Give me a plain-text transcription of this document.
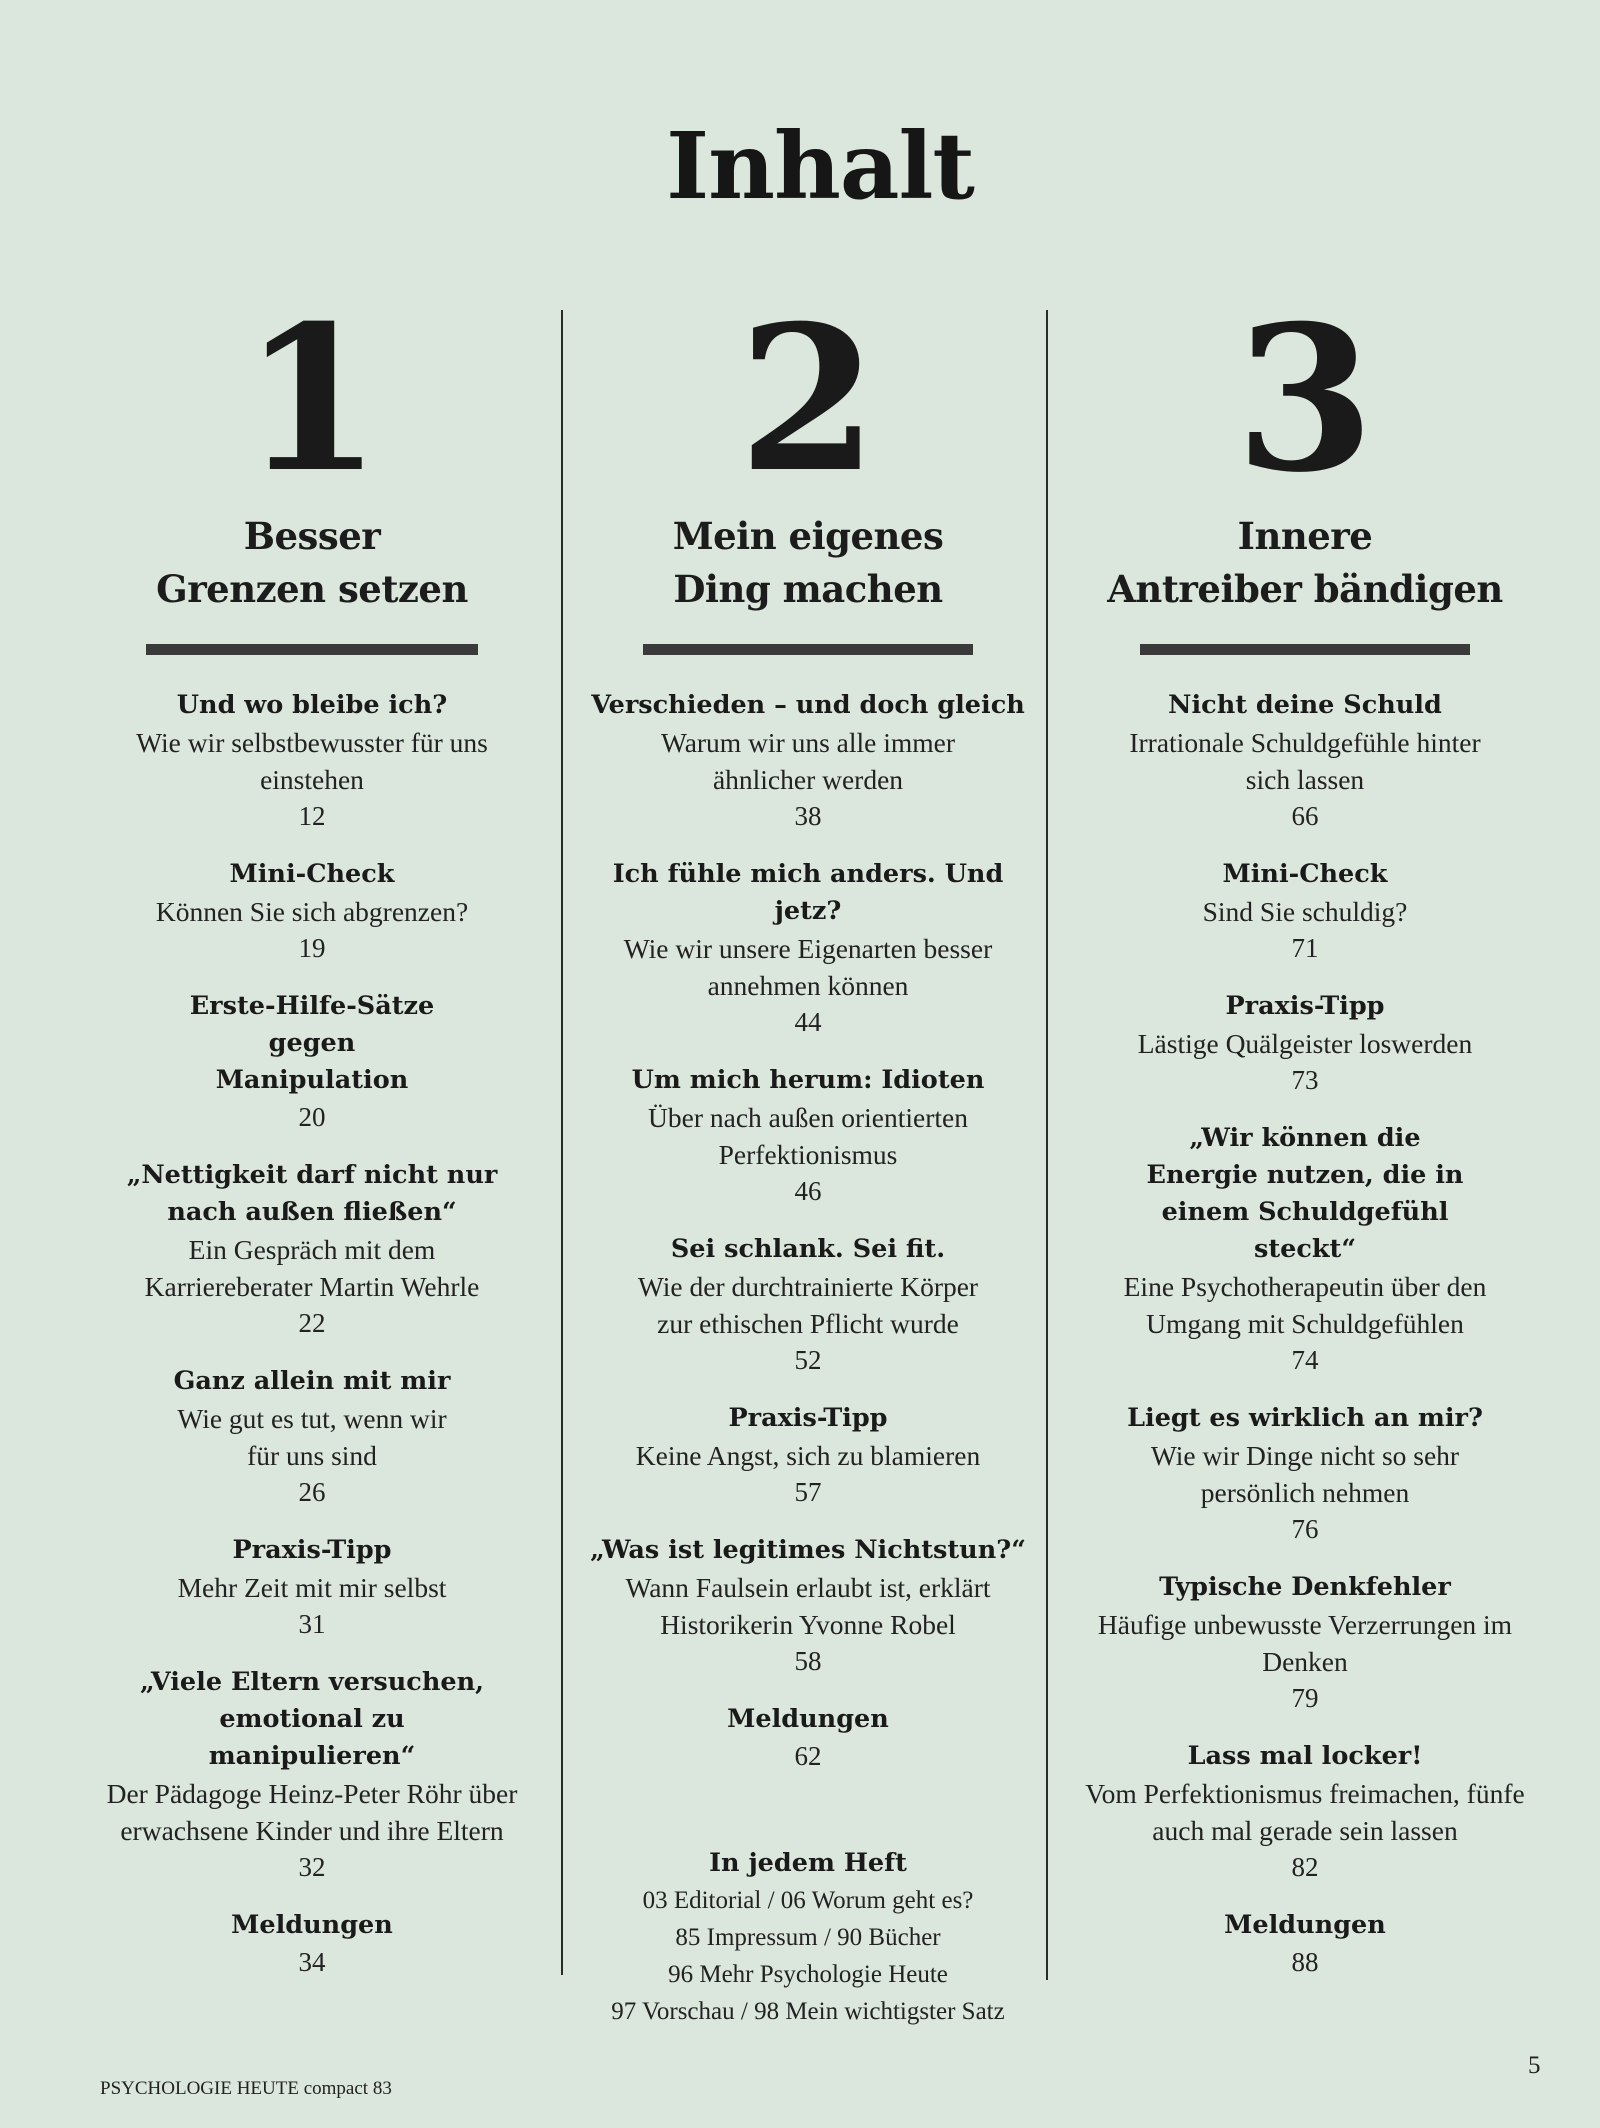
Inhalt
1
Besser
Grenzen setzen
Und wo bleibe ich?
Wie wir selbstbewusster für uns einstehen
12
Mini-Check
Können Sie sich abgrenzen?
19
Erste-Hilfe-Sätze gegen Manipulation
20
„Nettigkeit darf nicht nur nach außen fließen“
Ein Gespräch mit dem Karriereberater Martin Wehrle
22
Ganz allein mit mir
Wie gut es tut, wenn wir für uns sind
26
Praxis-Tipp
Mehr Zeit mit mir selbst
31
„Viele Eltern versuchen, emotional zu manipulieren“
Der Pädagoge Heinz-Peter Röhr über erwachsene Kinder und ihre Eltern
32
Meldungen
34
2
Mein eigenes
Ding machen
Verschieden – und doch gleich
Warum wir uns alle immer ähnlicher werden
38
Ich fühle mich anders. Und jetz?
Wie wir unsere Eigenarten besser annehmen können
44
Um mich herum: Idioten
Über nach außen orientierten Perfektionismus
46
Sei schlank. Sei fit.
Wie der durchtrainierte Körper zur ethischen Pflicht wurde
52
Praxis-Tipp
Keine Angst, sich zu blamieren
57
„Was ist legitimes Nichtstun?“
Wann Faulsein erlaubt ist, erklärt Historikerin Yvonne Robel
58
Meldungen
62
In jedem Heft
03 Editorial / 06 Worum geht es?
85 Impressum / 90 Bücher
96 Mehr Psychologie Heute
97 Vorschau / 98 Mein wichtigster Satz
3
Innere
Antreiber bändigen
Nicht deine Schuld
Irrationale Schuldgefühle hinter sich lassen
66
Mini-Check
Sind Sie schuldig?
71
Praxis-Tipp
Lästige Quälgeister loswerden
73
„Wir können die Energie nutzen, die in einem Schuldgefühl steckt“
Eine Psychotherapeutin über den Umgang mit Schuldgefühlen
74
Liegt es wirklich an mir?
Wie wir Dinge nicht so sehr persönlich nehmen
76
Typische Denkfehler
Häufige unbewusste Verzerrungen im Denken
79
Lass mal locker!
Vom Perfektionismus freimachen, fünfe auch mal gerade sein lassen
82
Meldungen
88
PSYCHOLOGIE HEUTE compact 83
5
